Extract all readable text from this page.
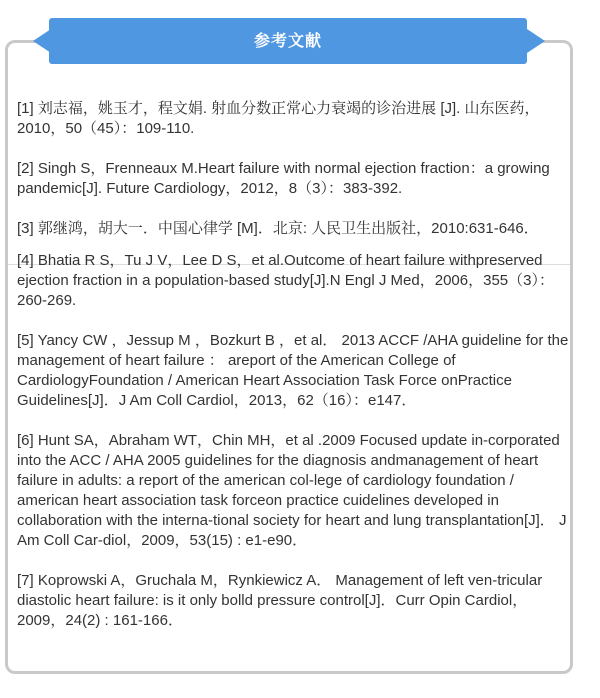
参考文献

[1] 刘志福，姚玉才，程文娟. 射血分数正常心力衰竭的诊治进展 [J]. 山东医药，2010，50（45）：109-110.

[2] Singh S，Frenneaux M.Heart failure with normal ejection fraction：a growing pandemic[J]. Future Cardiology，2012，8（3）：383-392.

[3] 郭继鸿，胡大一．中国心律学 [M]．北京: 人民卫生出版社，2010:631-646．

[4] Bhatia R S，Tu J V，Lee D S，et al.Outcome of heart failure withpreserved ejection fraction in a population-based study[J].N Engl J Med，2006，355（3）：260-269.

[5] Yancy CW ，Jessup M ，Bozkurt B ，et al． 2013 ACCF /AHA guideline for the management of heart failure ： areport of the American College of CardiologyFoundation / American Heart Association Task Force onPractice Guidelines[J]．J Am Coll Cardiol，2013，62（16）：e147．

[6] Hunt SA，Abraham WT，Chin MH，et al .2009 Focused update in-corporated into the ACC / AHA 2005 guidelines for the diagnosis andmanagement of heart failure in adults: a report of the american col-lege of cardiology foundation / american heart association task forceon practice cuidelines developed in collaboration with the interna-tional society for heart and lung transplantation[J]． J Am Coll Car-diol，2009，53(15) : e1-e90．

[7] Koprowski A，Gruchala M，Rynkiewicz A． Management of left ven-tricular diastolic heart failure: is it only bolld pressure control[J]．Curr Opin Cardiol，2009，24(2) : 161-166．
